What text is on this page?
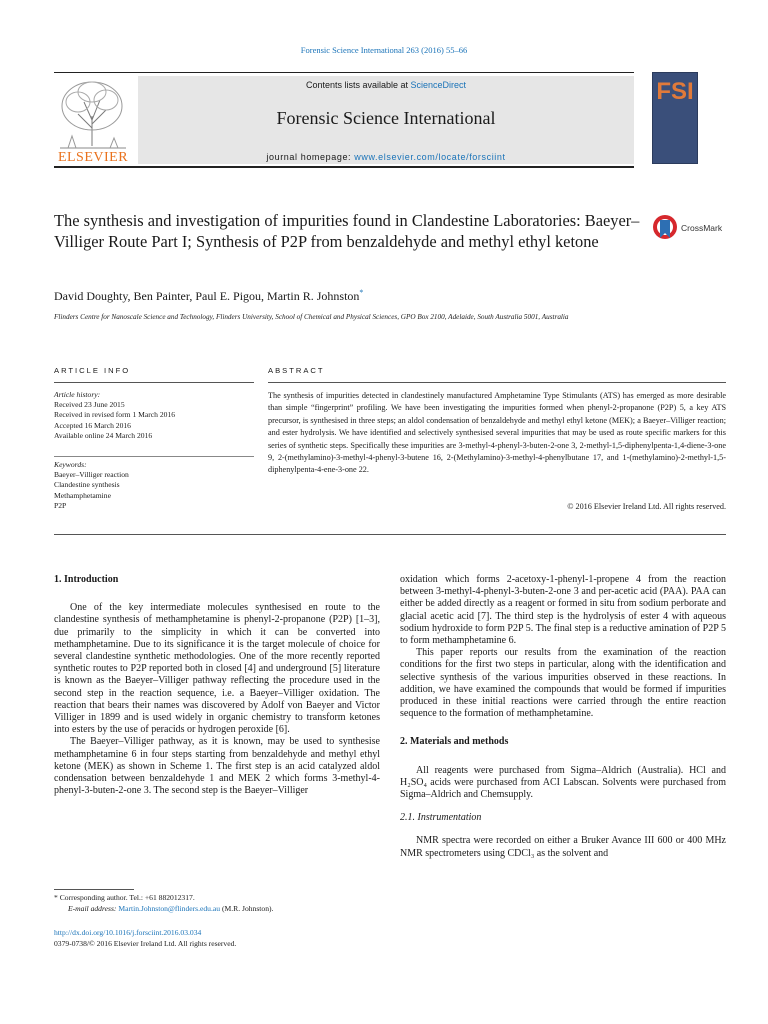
Forensic Science International 263 (2016) 55–66
ELSEVIER
Contents lists available at ScienceDirect
Forensic Science International
journal homepage: www.elsevier.com/locate/forsciint
FSI
The synthesis and investigation of impurities found in Clandestine Laboratories: Baeyer–Villiger Route Part I; Synthesis of P2P from benzaldehyde and methyl ethyl ketone
CrossMark
David Doughty, Ben Painter, Paul E. Pigou, Martin R. Johnston*
Flinders Centre for Nanoscale Science and Technology, Flinders University, School of Chemical and Physical Sciences, GPO Box 2100, Adelaide, South Australia 5001, Australia
ARTICLE INFO	ABSTRACT
Article history:
Received 23 June 2015
Received in revised form 1 March 2016
Accepted 16 March 2016
Available online 24 March 2016
Keywords:
Baeyer–Villiger reaction
Clandestine synthesis
Methamphetamine
P2P
The synthesis of impurities detected in clandestinely manufactured Amphetamine Type Stimulants (ATS) has emerged as more desirable than simple “fingerprint” profiling. We have been investigating the impurities formed when phenyl-2-propanone (P2P) 5, a key ATS precursor, is synthesised in three steps; an aldol condensation of benzaldehyde and methyl ethyl ketone (MEK); a Baeyer–Villiger reaction; and ester hydrolysis. We have identified and selectively synthesised several impurities that may be used as route specific markers for this series of synthetic steps. Specifically these impurities are 3-methyl-4-phenyl-3-buten-2-one 3, 2-methyl-1,5-diphenylpenta-1,4-diene-3-one 9, 2-(methylamino)-3-methyl-4-phenyl-3-butene 16, 2-(Methylamino)-3-methyl-4-phenylbutane 17, and 1-(methylamino)-2-methyl-1,5-diphenylpenta-4-ene-3-one 22.
© 2016 Elsevier Ireland Ltd. All rights reserved.
1. Introduction

One of the key intermediate molecules synthesised en route to the clandestine synthesis of methamphetamine is phenyl-2-propanone (P2P) [1–3], due primarily to the simplicity in which it can be converted into methamphetamine. Due to its significance it is the target molecule of choice for several clandestine synthetic methodologies. One of the more recently reported synthetic routes to P2P reported both in closed [4] and underground [5] literature is known as the Baeyer–Villiger pathway reflecting the procedure used in the second step in the reaction sequence, i.e. a Baeyer–Villiger oxidation. The reaction that bears their names was discovered by Adolf von Baeyer and Victor Villiger in 1899 and is used widely in organic chemistry to transform ketones into esters by the use of peracids or hydrogen peroxide [6].

The Baeyer–Villiger pathway, as it is known, may be used to synthesise methamphetamine 6 in four steps starting from benzaldehyde and methyl ethyl ketone (MEK) as shown in Scheme 1. The first step is an acid catalyzed aldol condensation between benzaldehyde 1 and MEK 2 which forms 3-methyl-4-phenyl-3-buten-2-one 3. The second step is the Baeyer–Villiger

oxidation which forms 2-acetoxy-1-phenyl-1-propene 4 from the reaction between 3-methyl-4-phenyl-3-buten-2-one 3 and per-acetic acid (PAA). PAA can either be added directly as a reagent or formed in situ from sodium perborate and glacial acetic acid [7]. The third step is the hydrolysis of ester 4 with aqueous sodium hydroxide to form P2P 5. The final step is a reductive amination of P2P 5 to form methamphetamine 6.

This paper reports our results from the examination of the reaction conditions for the first two steps in particular, along with the identification and selective synthesis of the various impurities observed in these reactions. In addition, we have examined the compounds that would be formed if impurities produced in these initial reactions were carried through the entire reaction sequence to the formation of methamphetamine.

2. Materials and methods

All reagents were purchased from Sigma–Aldrich (Australia). HCl and H₂SO₄ acids were purchased from ACI Labscan. Solvents were purchased from Sigma–Aldrich and Chemsupply.

2.1. Instrumentation

NMR spectra were recorded on either a Bruker Avance III 600 or 400 MHz NMR spectrometers using CDCl₃ as the solvent and

* Corresponding author. Tel.: +61 882012317.
E-mail address: Martin.Johnston@flinders.edu.au (M.R. Johnston).
http://dx.doi.org/10.1016/j.forsciint.2016.03.034
0379-0738/© 2016 Elsevier Ireland Ltd. All rights reserved.
